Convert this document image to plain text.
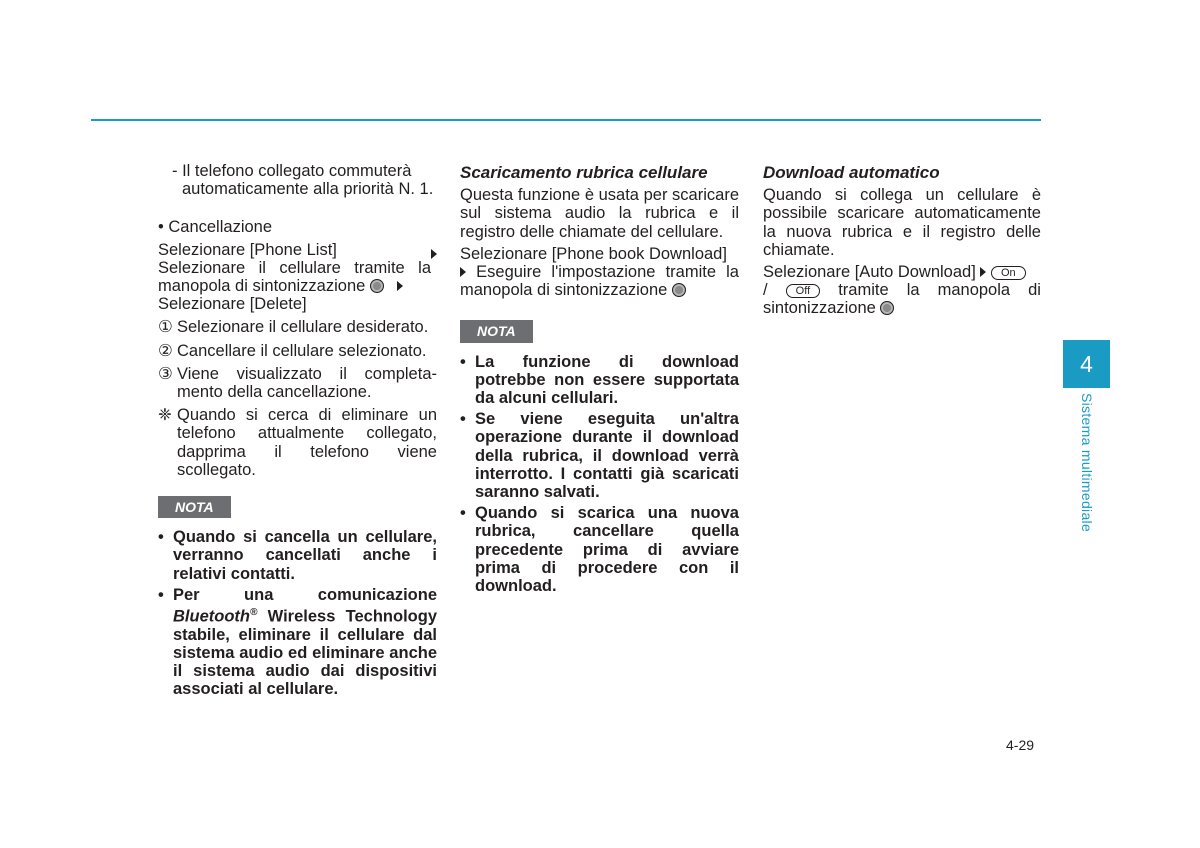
- Il telefono collegato commuterà automaticamente alla priorità N. 1.
• Cancellazione
Selezionare [Phone List]

Selezionare il cellulare tramite la manopola di sintonizzazione
Selezionare [Delete]
① Selezionare il cellulare desiderato.
② Cancellare il cellulare selezionato.
③ Viene visualizzato il completa-mento della cancellazione.
❈ Quando si cerca di eliminare un telefono attualmente collegato, dapprima il telefono viene scollegato.
NOTA
• Quando si cancella un cellulare, verranno cancellati anche i relativi contatti.
• Per una comunicazione Bluetooth® Wireless Technology stabile, eliminare il cellulare dal sistema audio ed eliminare anche il sistema audio dai dispositivi associati al cellulare.
Scaricamento rubrica cellulare
Questa funzione è usata per scaricare sul sistema audio la rubrica e il registro delle chiamate del cellulare.
Selezionare [Phone book Download]
Eseguire l'impostazione tramite la manopola di sintonizzazione
NOTA
• La funzione di download potrebbe non essere supportata da alcuni cellulari.
• Se viene eseguita un'altra operazione durante il download della rubrica, il download verrà interrotto. I contatti già scaricati saranno salvati.
• Quando si scarica una nuova rubrica, cancellare quella precedente prima di avviare prima di procedere con il download.
Download automatico
Quando si collega un cellulare è possibile scaricare automaticamente la nuova rubrica e il registro delle chiamate.
Selezionare [Auto Download] On
/	Off tramite la manopola di sintonizzazione
4
Sistema multimediale
4-29
